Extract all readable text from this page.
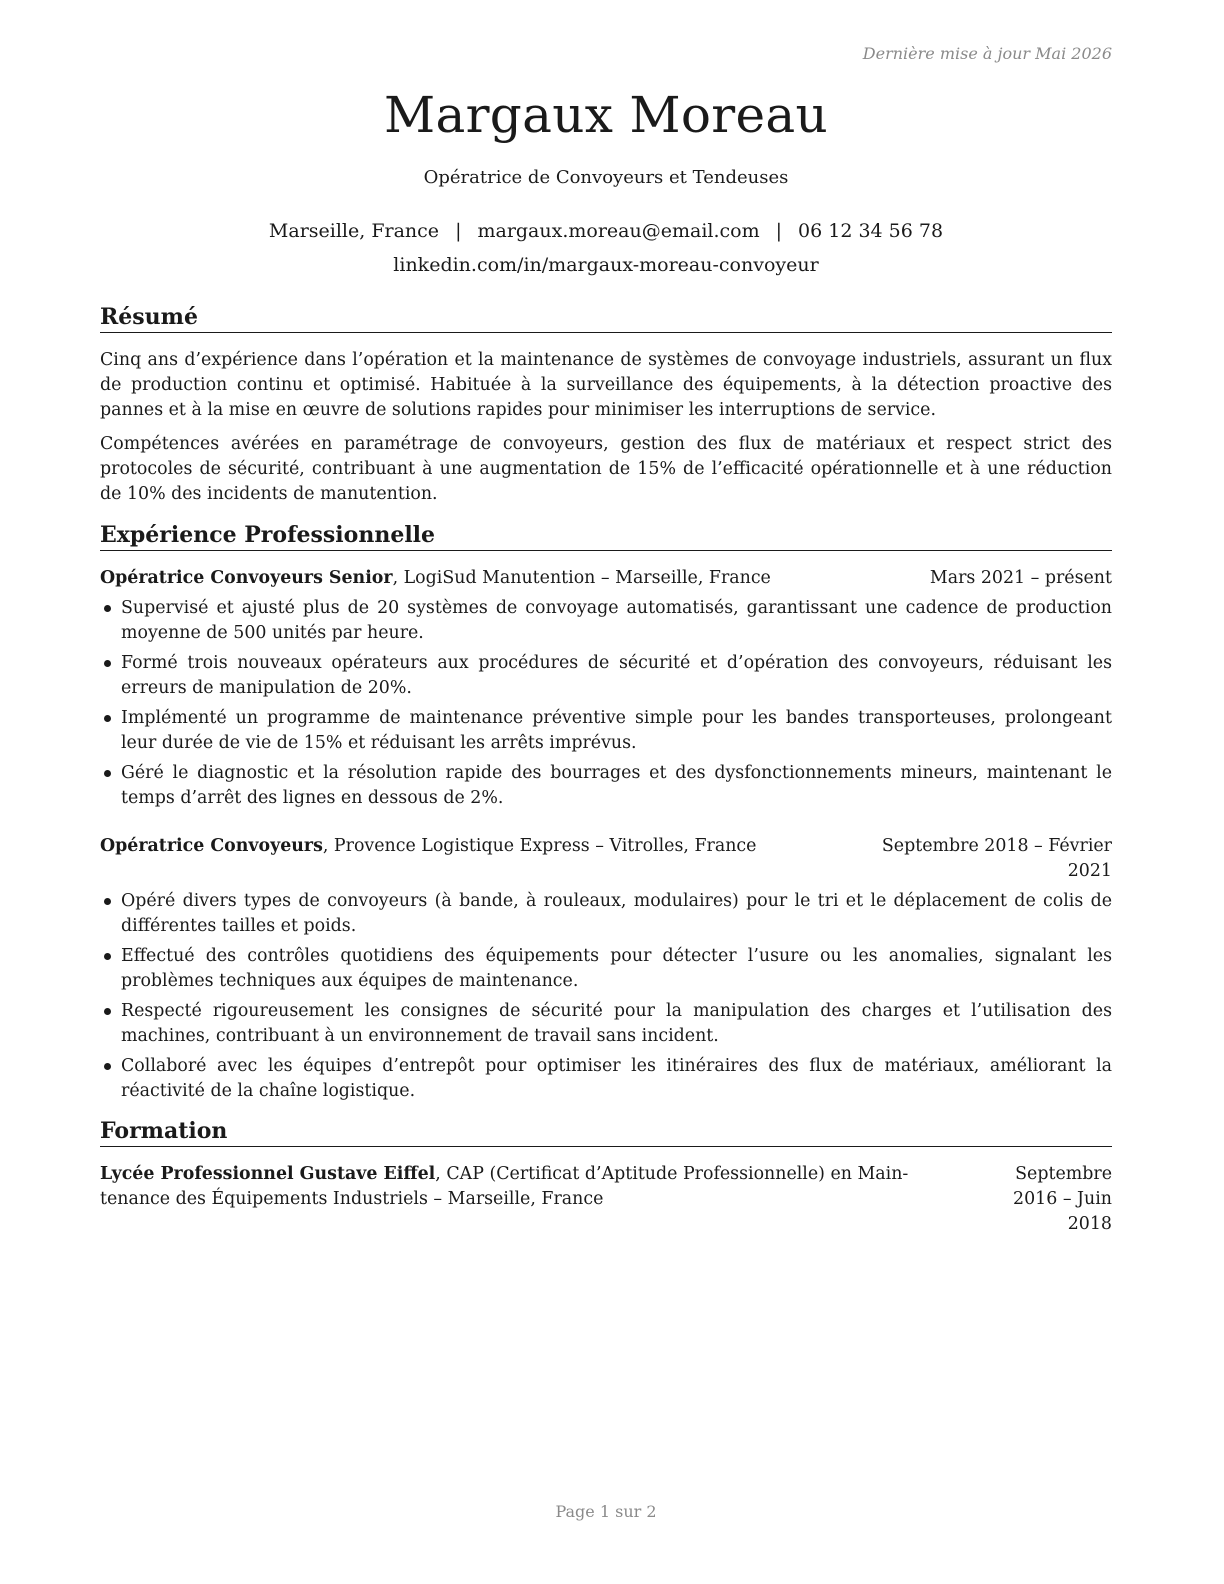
Dernière mise à jour Mai 2026
Margaux Moreau
Opératrice de Convoyeurs et Tendeuses
Marseille, France | margaux.moreau@email.com | 06 12 34 56 78
linkedin.com/in/margaux-moreau-convoyeur
Résumé

Cinq ans d’expérience dans l’opération et la maintenance de systèmes de convoyage industriels, assurant un flux de production continu et optimisé. Habituée à la surveillance des équipements, à la détection proactive des pannes et à la mise en œuvre de solutions rapides pour minimiser les interruptions de service.

Compétences avérées en paramétrage de convoyeurs, gestion des flux de matériaux et respect strict des protocoles de sécurité, contribuant à une augmentation de 15% de l’efficacité opérationnelle et à une réduction de 10% des incidents de manutention.

Expérience Professionnelle
Opératrice Convoyeurs Senior, LogiSud Manutention – Marseille, France	Mars 2021 – présent
Supervisé et ajusté plus de 20 systèmes de convoyage automatisés, garantissant une cadence de production moyenne de 500 unités par heure.
Formé trois nouveaux opérateurs aux procédures de sécurité et d’opération des convoyeurs, réduisant les erreurs de manipulation de 20%.
Implémenté un programme de maintenance préventive simple pour les bandes transporteuses, prolongeant leur durée de vie de 15% et réduisant les arrêts imprévus.
Géré le diagnostic et la résolution rapide des bourrages et des dysfonctionnements mineurs, maintenant le temps d’arrêt des lignes en dessous de 2%.
Opératrice Convoyeurs, Provence Logistique Express – Vitrolles, France	Septembre 2018 – Février
2021
Opéré divers types de convoyeurs (à bande, à rouleaux, modulaires) pour le tri et le déplacement de colis de différentes tailles et poids.
Effectué des contrôles quotidiens des équipements pour détecter l’usure ou les anomalies, signalant les problèmes techniques aux équipes de maintenance.
Respecté rigoureusement les consignes de sécurité pour la manipulation des charges et l’utilisation des machines, contribuant à un environnement de travail sans incident.
Collaboré avec les équipes d’entrepôt pour optimiser les itinéraires des flux de matériaux, améliorant la réactivité de la chaîne logistique.
Formation
Lycée Professionnel Gustave Eiffel, CAP (Certificat d’Aptitude Professionnelle) en Main-
tenance des Équipements Industriels – Marseille, France
Septembre 2016 – Juin
2018
Page 1 sur 2
